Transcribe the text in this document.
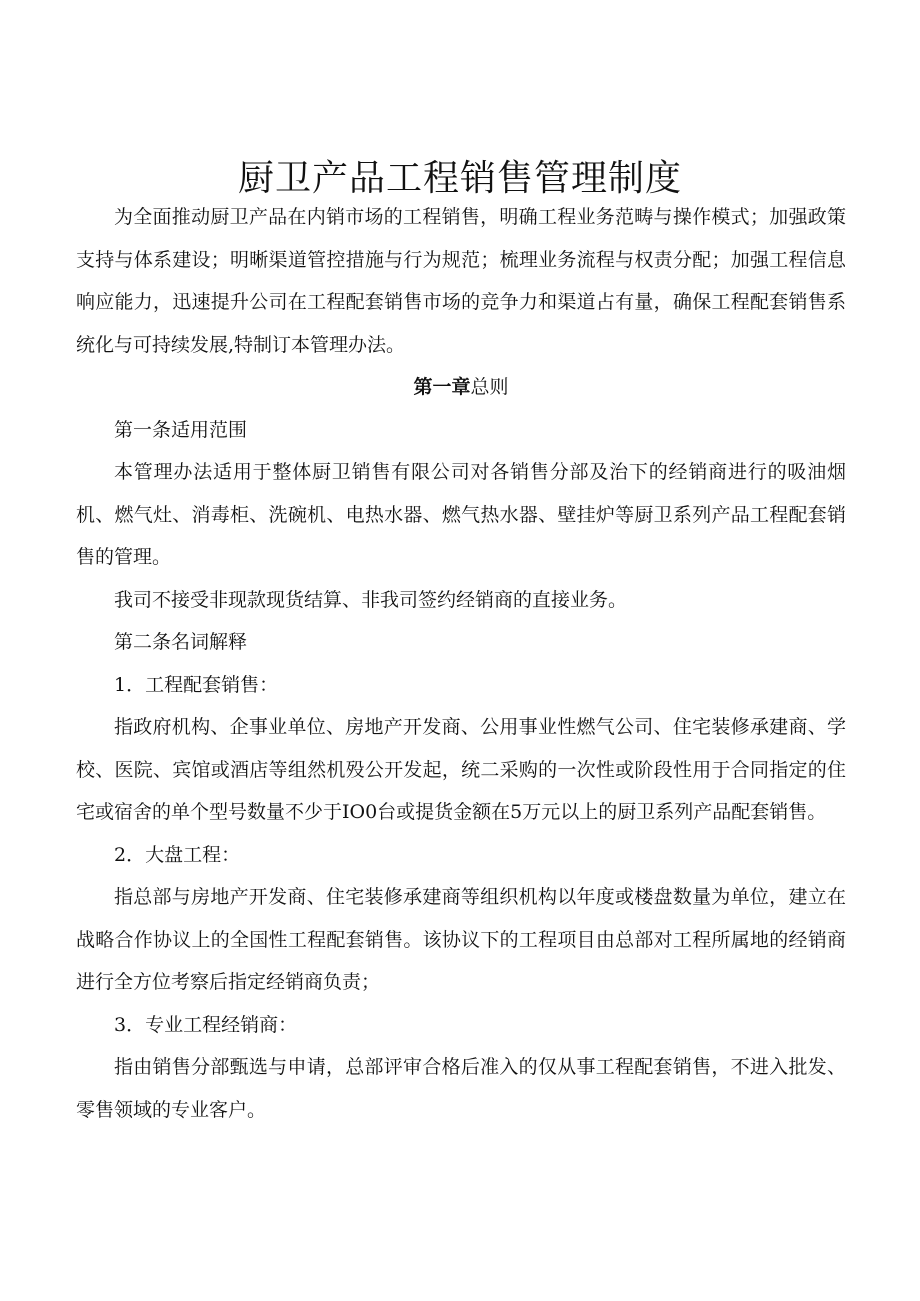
厨卫产品工程销售管理制度

为全面推动厨卫产品在内销市场的工程销售，明确工程业务范畴与操作模式；加强政策支持与体系建设；明晰渠道管控措施与行为规范；梳理业务流程与权责分配；加强工程信息响应能力，迅速提升公司在工程配套销售市场的竞争力和渠道占有量，确保工程配套销售系统化与可持续发展,特制订本管理办法。

第一章总则

第一条适用范围

本管理办法适用于整体厨卫销售有限公司对各销售分部及治下的经销商进行的吸油烟机、燃气灶、消毒柜、洗碗机、电热水器、燃气热水器、壁挂炉等厨卫系列产品工程配套销售的管理。

我司不接受非现款现货结算、非我司签约经销商的直接业务。

第二条名词解释

1．工程配套销售：

指政府机构、企事业单位、房地产开发商、公用事业性燃气公司、住宅装修承建商、学校、医院、宾馆或酒店等组然机殁公开发起，统二采购的一次性或阶段性用于合同指定的住宅或宿舍的单个型号数量不少于IO0台或提货金额在5万元以上的厨卫系列产品配套销售。

2．大盘工程：

指总部与房地产开发商、住宅装修承建商等组织机构以年度或楼盘数量为单位，建立在战略合作协议上的全国性工程配套销售。该协议下的工程项目由总部对工程所属地的经销商进行全方位考察后指定经销商负责；

3．专业工程经销商：

指由销售分部甄选与申请，总部评审合格后准入的仅从事工程配套销售，不进入批发、零售领域的专业客户。
